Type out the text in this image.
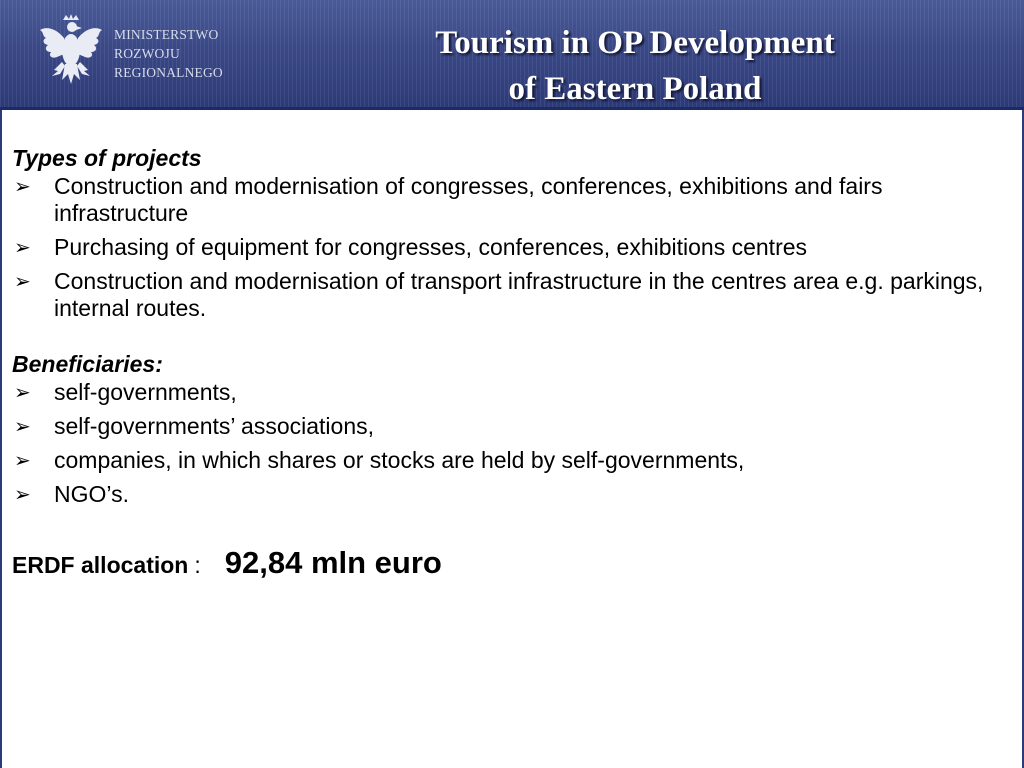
MINISTERSTWO
ROZWOJU
REGIONALNEGO
Tourism in OP Development
of Eastern Poland

Types of projects

➢ Construction and modernisation of congresses, conferences, exhibitions and fairs infrastructure
➢ Purchasing of equipment for congresses, conferences, exhibitions centres
➢ Construction and modernisation of transport infrastructure in the centres area e.g. parkings, internal routes.

Beneficiaries:

➢ self-governments,
➢ self-governments’ associations,
➢ companies, in which shares or stocks are held by self-governments,
➢ NGO’s.
ERDF allocation : 92,84 mln euro
